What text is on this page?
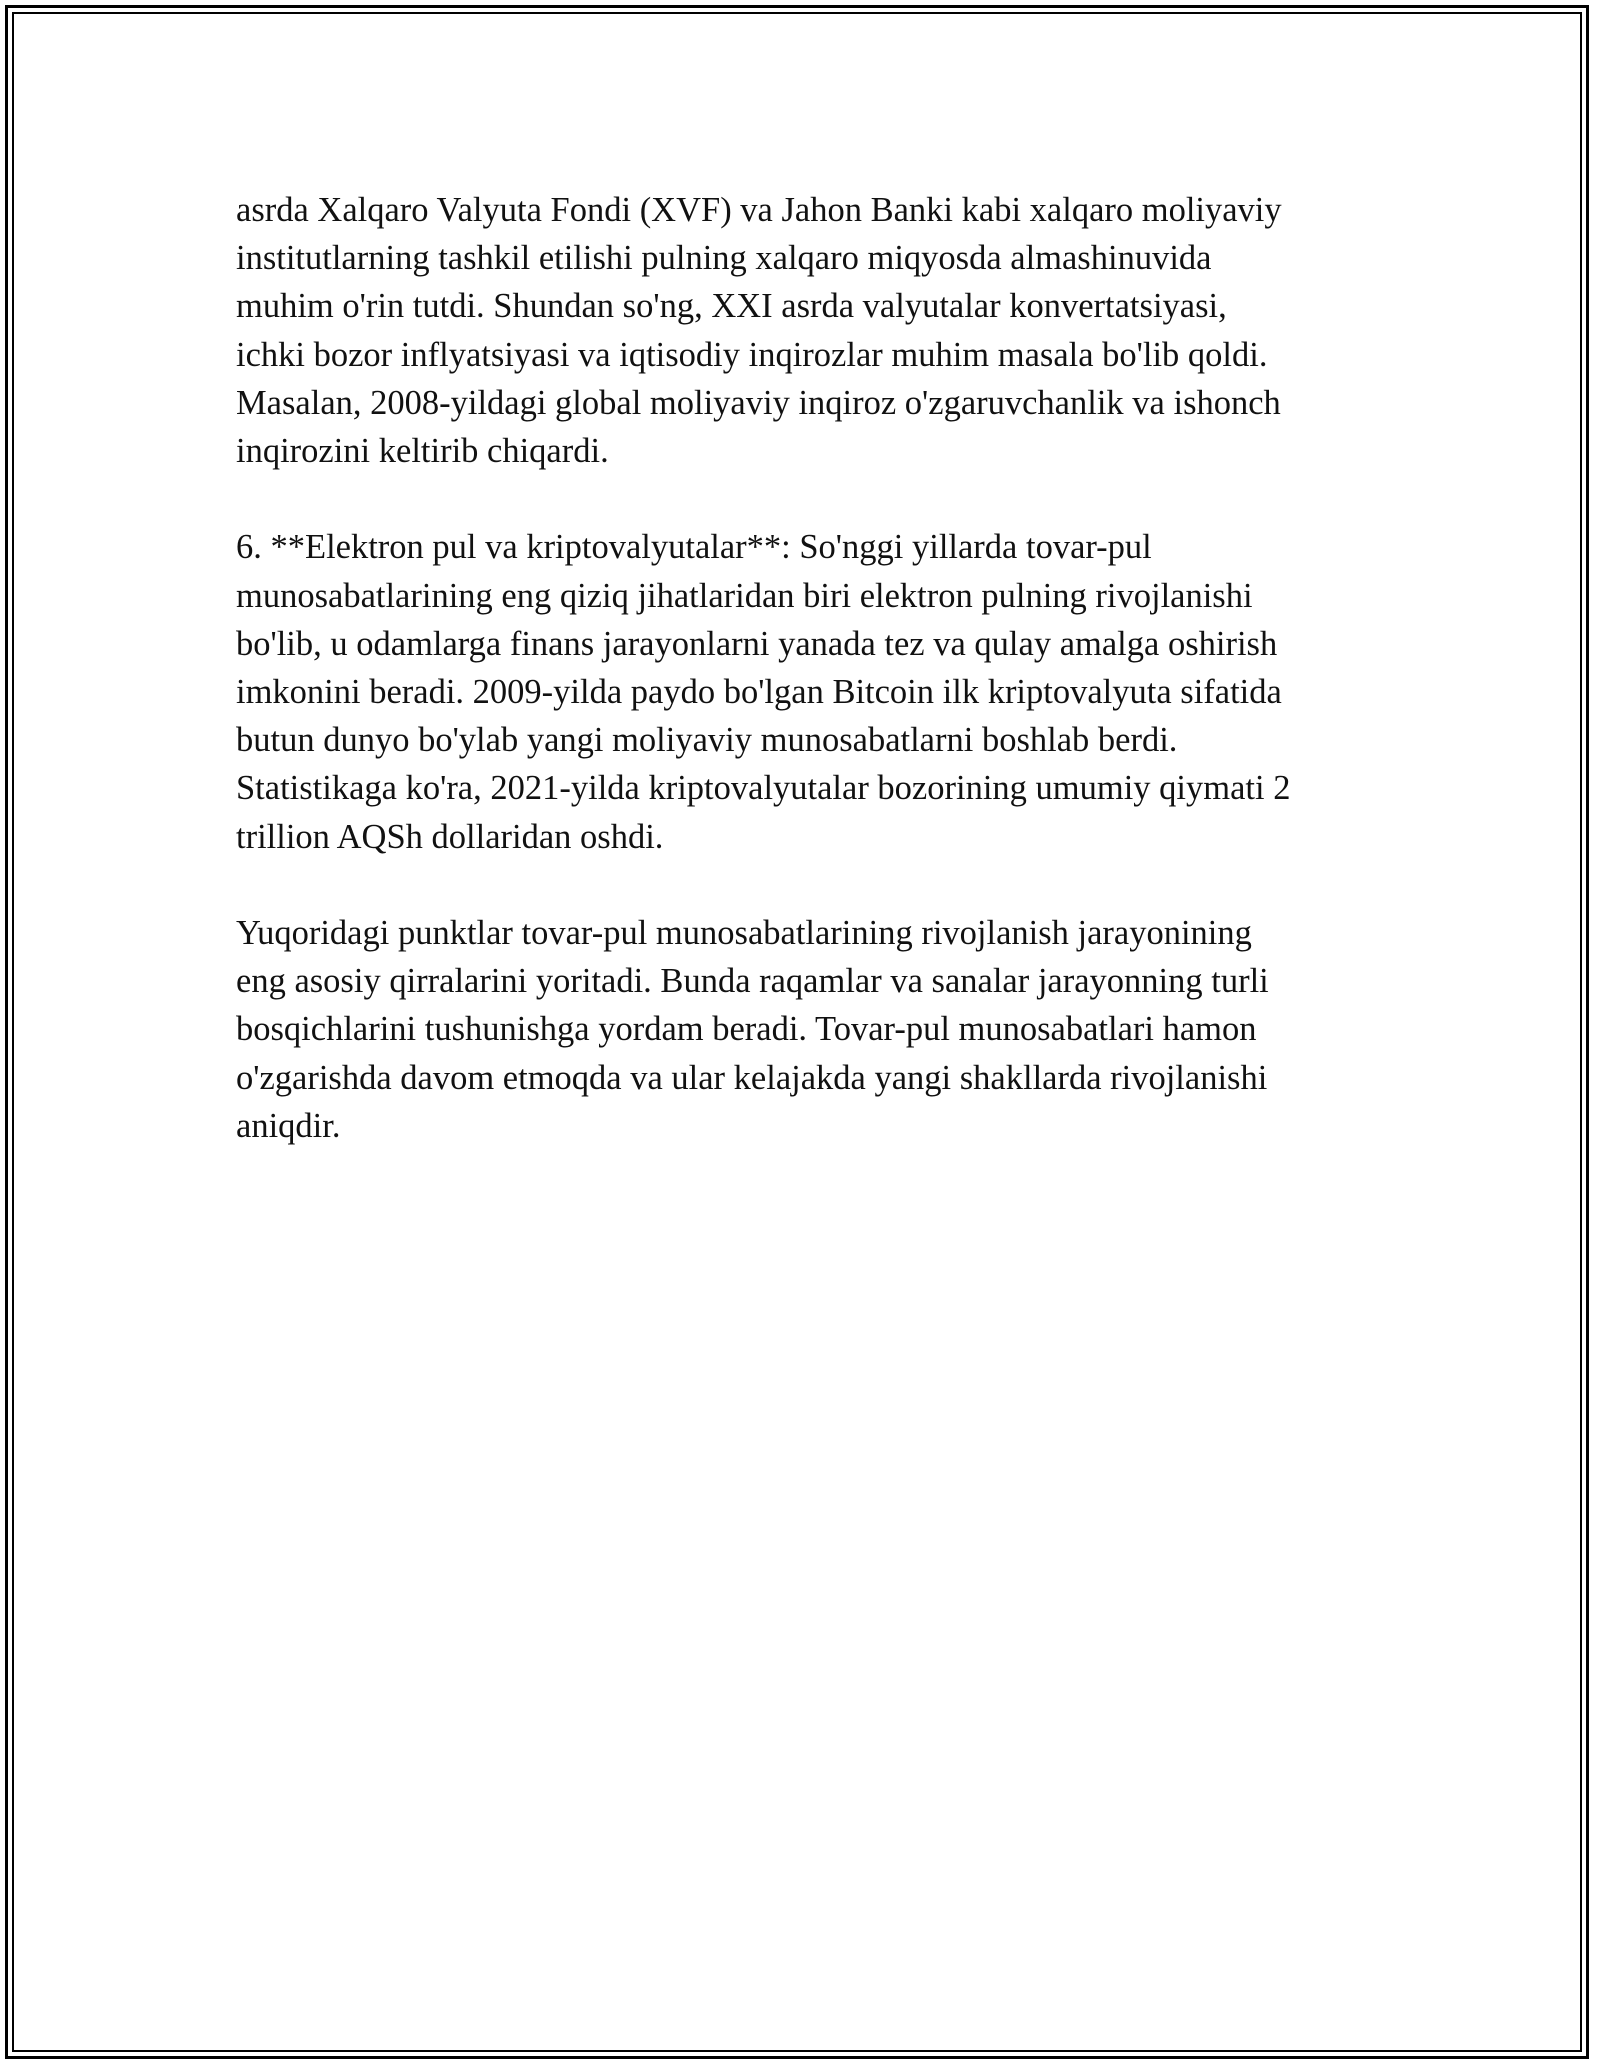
asrda Xalqaro Valyuta Fondi (XVF) va Jahon Banki kabi xalqaro moliyaviy
institutlarning tashkil etilishi pulning xalqaro miqyosda almashinuvida
muhim o'rin tutdi. Shundan so'ng, XXI asrda valyutalar konvertatsiyasi,
ichki bozor inflyatsiyasi va iqtisodiy inqirozlar muhim masala bo'lib qoldi.
Masalan, 2008-yildagi global moliyaviy inqiroz o'zgaruvchanlik va ishonch
inqirozini keltirib chiqardi.

6. **Elektron pul va kriptovalyutalar**: So'nggi yillarda tovar-pul
munosabatlarining eng qiziq jihatlaridan biri elektron pulning rivojlanishi
bo'lib, u odamlarga finans jarayonlarni yanada tez va qulay amalga oshirish
imkonini beradi. 2009-yilda paydo bo'lgan Bitcoin ilk kriptovalyuta sifatida
butun dunyo bo'ylab yangi moliyaviy munosabatlarni boshlab berdi.
Statistikaga ko'ra, 2021-yilda kriptovalyutalar bozorining umumiy qiymati 2
trillion AQSh dollaridan oshdi.

Yuqoridagi punktlar tovar-pul munosabatlarining rivojlanish jarayonining
eng asosiy qirralarini yoritadi. Bunda raqamlar va sanalar jarayonning turli
bosqichlarini tushunishga yordam beradi. Tovar-pul munosabatlari hamon
o'zgarishda davom etmoqda va ular kelajakda yangi shakllarda rivojlanishi
aniqdir.
